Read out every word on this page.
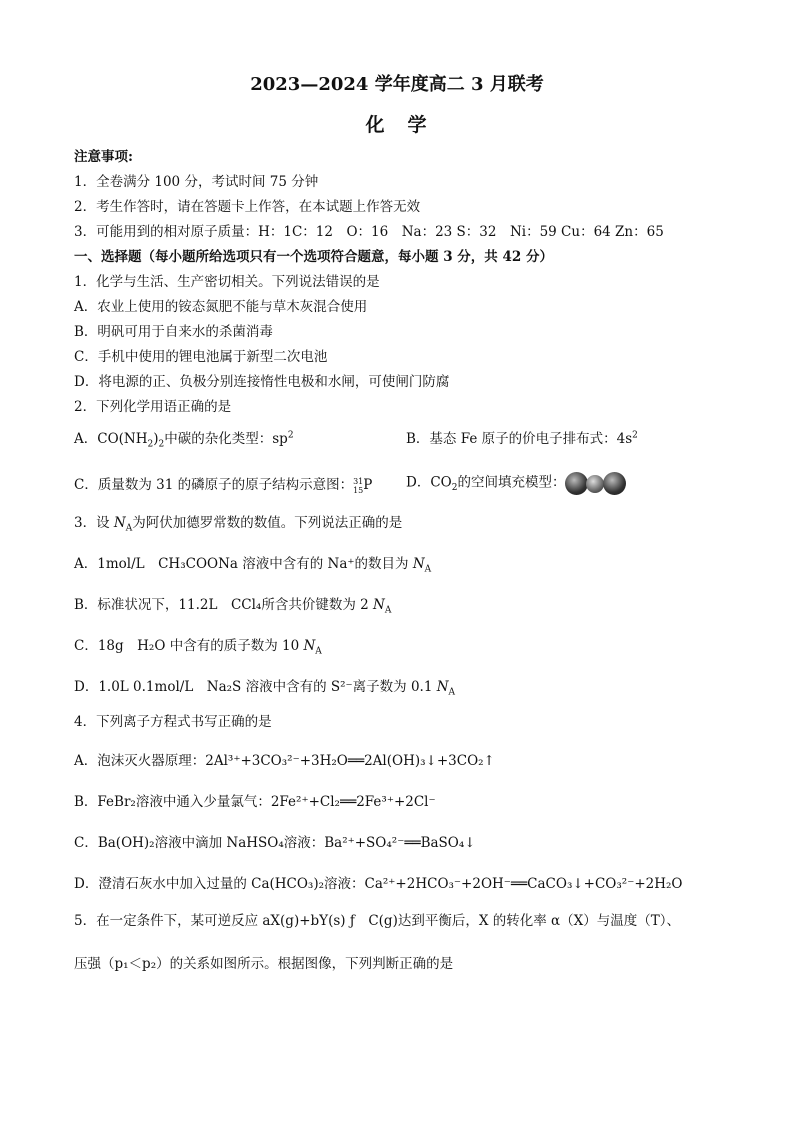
2023—2024 学年度高二 3 月联考
化　学
注意事项:
1．全卷满分 100 分，考试时间 75 分钟
2．考生作答时，请在答题卡上作答，在本试题上作答无效
3．可能用到的相对原子质量：H：1C：12　O：16　Na：23 S：32　Ni：59 Cu：64 Zn：65
一、选择题（每小题所给选项只有一个选项符合题意，每小题 3 分，共 42 分）
1．化学与生活、生产密切相关。下列说法错误的是
A．农业上使用的铵态氮肥不能与草木灰混合使用
B．明矾可用于自来水的杀菌消毒
C．手机中使用的锂电池属于新型二次电池
D．将电源的正、负极分别连接惰性电极和水闸，可使闸门防腐
2．下列化学用语正确的是
A．$CO(NH_2)_2$中碳的杂化类型：$sp^2$	B．基态 Fe 原子的价电子排布式：$4s^2$
C．质量数为 31 的磷原子的原子结构示意图：31
15P D．$CO_2$的空间填充模型：
3．设 $N_A$为阿伏加德罗常数的数值。下列说法正确的是
A．1mol/L　CH₃COONa 溶液中含有的 Na⁺的数目为 $N_A$
B．标准状况下，11.2L　CCl₄所含共价键数为 2 $N_A$
C．18g　H₂O 中含有的质子数为 10 $N_A$
D．1.0L 0.1mol/L　Na₂S 溶液中含有的 S²⁻离子数为 0.1 $N_A$
4．下列离子方程式书写正确的是
A．泡沫灭火器原理：2Al³⁺+3CO₃²⁻+3H₂O══2Al(OH)₃↓+3CO₂↑
B．FeBr₂溶液中通入少量氯气：2Fe²⁺+Cl₂══2Fe³⁺+2Cl⁻
C．Ba(OH)₂溶液中滴加 NaHSO₄溶液：Ba²⁺+SO₄²⁻══BaSO₄↓
D．澄清石灰水中加入过量的 Ca(HCO₃)₂溶液：Ca²⁺+2HCO₃⁻+2OH⁻══CaCO₃↓+CO₃²⁻+2H₂O
5．在一定条件下，某可逆反应 aX(g)+bY(s) ƒ　C(g)达到平衡后，X 的转化率 α（X）与温度（T）、
压强（p₁＜p₂）的关系如图所示。根据图像，下列判断正确的是
